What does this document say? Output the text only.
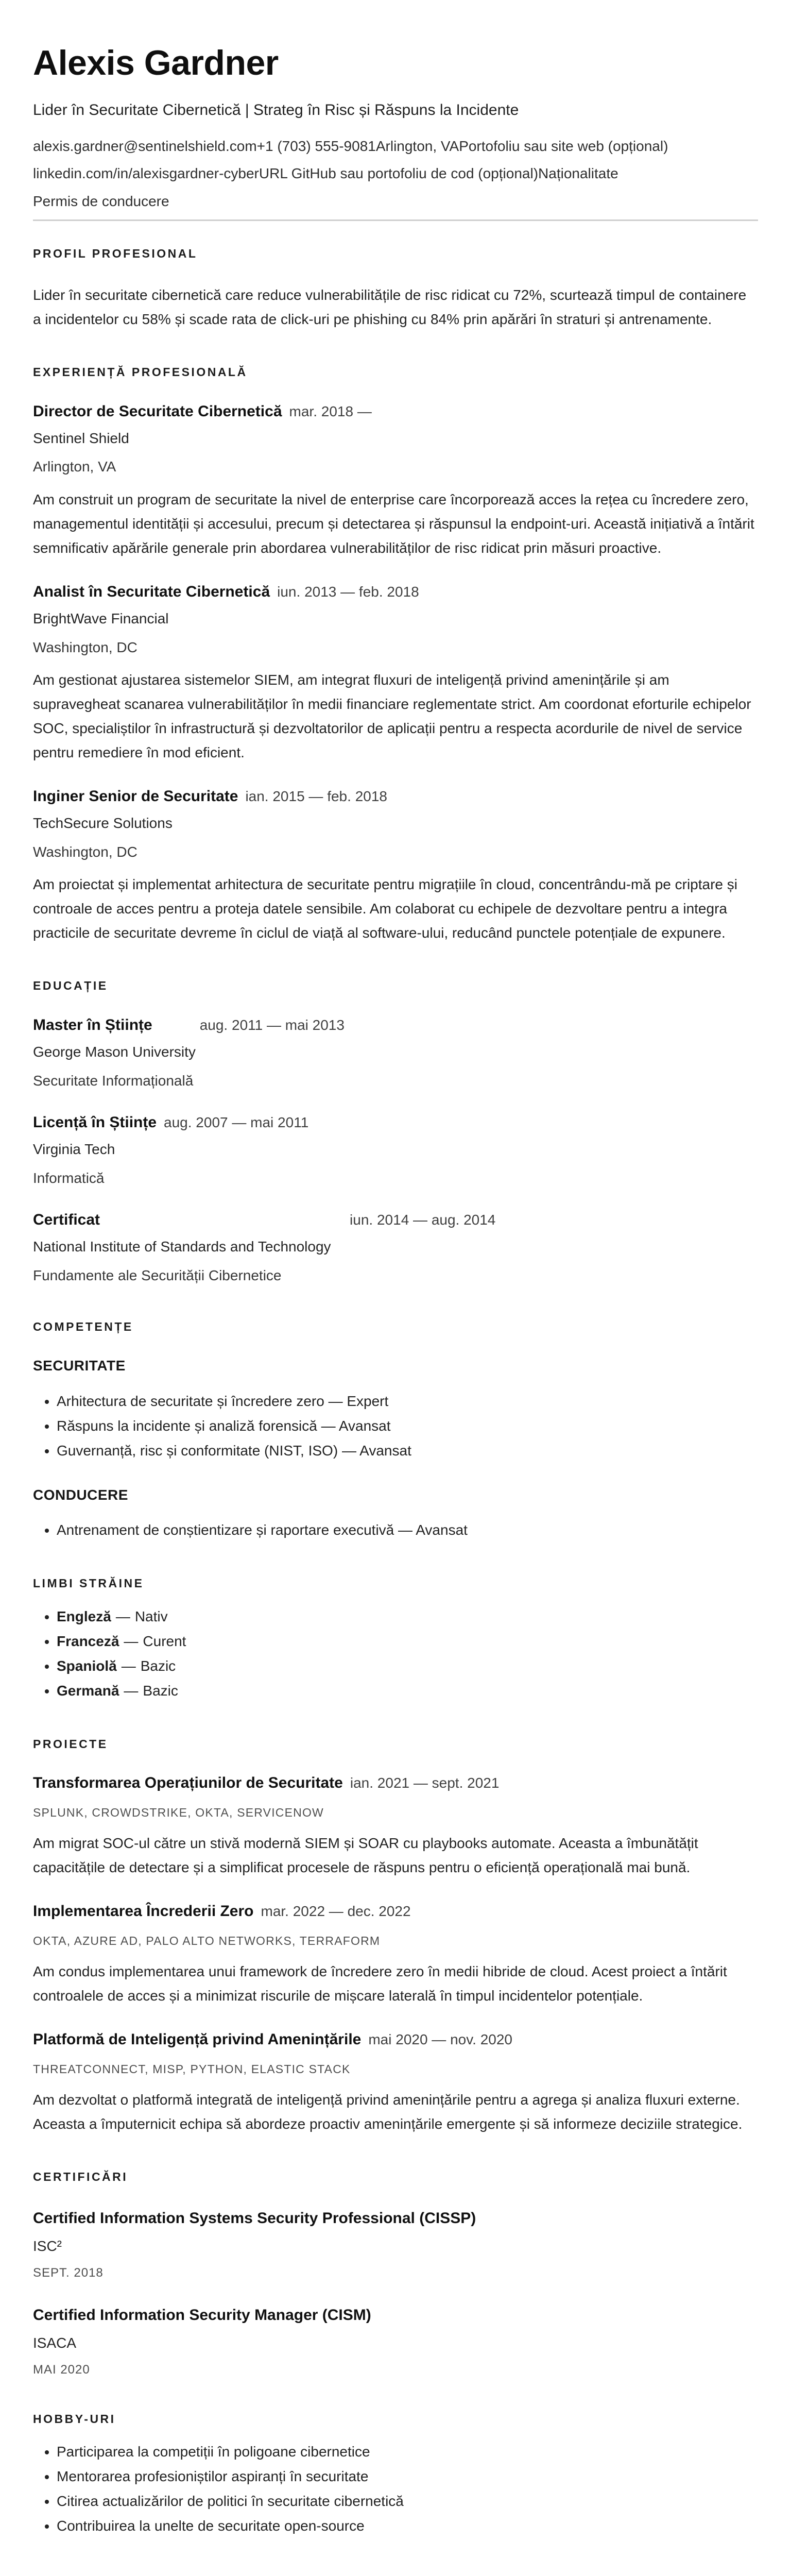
Alexis Gardner
Lider în Securitate Cibernetică | Strateg în Risc și Răspuns la Incidente
alexis.gardner@sentinelshield.com+1 (703) 555-9081Arlington, VAPortofoliu sau site web (opțional)
linkedin.com/in/alexisgardner-cyberURL GitHub sau portofoliu de cod (opțional)Naționalitate
Permis de conducere
PROFIL PROFESIONAL
Lider în securitate cibernetică care reduce vulnerabilitățile de risc ridicat cu 72%, scurtează timpul de containere a incidentelor cu 58% și scade rata de click-uri pe phishing cu 84% prin apărări în straturi și antrenamente.
EXPERIENȚĂ PROFESIONALĂ
Director de Securitate Cibernetică mar. 2018 —
Sentinel Shield
Arlington, VA
Am construit un program de securitate la nivel de enterprise care încorporează acces la rețea cu încredere zero, managementul identității și accesului, precum și detectarea și răspunsul la endpoint-uri. Această inițiativă a întărit semnificativ apărările generale prin abordarea vulnerabilităților de risc ridicat prin măsuri proactive.
Analist în Securitate Cibernetică iun. 2013 — feb. 2018
BrightWave Financial
Washington, DC
Am gestionat ajustarea sistemelor SIEM, am integrat fluxuri de inteligență privind amenințările și am supravegheat scanarea vulnerabilităților în medii financiare reglementate strict. Am coordonat eforturile echipelor SOC, specialiștilor în infrastructură și dezvoltatorilor de aplicații pentru a respecta acordurile de nivel de service pentru remediere în mod eficient.
Inginer Senior de Securitate ian. 2015 — feb. 2018
TechSecure Solutions
Washington, DC
Am proiectat și implementat arhitectura de securitate pentru migrațiile în cloud, concentrându-mă pe criptare și controale de acces pentru a proteja datele sensibile. Am colaborat cu echipele de dezvoltare pentru a integra practicile de securitate devreme în ciclul de viață al software-ului, reducând punctele potențiale de expunere.
EDUCAȚIE
Master în Științe	aug. 2011 — mai 2013
George Mason University
Securitate Informațională
Licență în Științe aug. 2007 — mai 2011
Virginia Tech
Informatică
Certificat	iun. 2014 — aug. 2014
National Institute of Standards and Technology
Fundamente ale Securității Cibernetice
COMPETENȚE
SECURITATE
• Arhitectura de securitate și încredere zero — Expert
• Răspuns la incidente și analiză forensică — Avansat
• Guvernanță, risc și conformitate (NIST, ISO) — Avansat
CONDUCERE
• Antrenament de conștientizare și raportare executivă — Avansat
LIMBI STRĂINE
• Engleză — Nativ
• Franceză — Curent
• Spaniolă — Bazic
• Germană — Bazic
PROIECTE
Transformarea Operațiunilor de Securitate ian. 2021 — sept. 2021
SPLUNK, CROWDSTRIKE, OKTA, SERVICENOW
Am migrat SOC-ul către un stivă modernă SIEM și SOAR cu playbooks automate. Aceasta a îmbunătățit capacitățile de detectare și a simplificat procesele de răspuns pentru o eficiență operațională mai bună.
Implementarea Încrederii Zero mar. 2022 — dec. 2022
OKTA, AZURE AD, PALO ALTO NETWORKS, TERRAFORM
Am condus implementarea unui framework de încredere zero în medii hibride de cloud. Acest proiect a întărit controalele de acces și a minimizat riscurile de mișcare laterală în timpul incidentelor potențiale.
Platformă de Inteligență privind Amenințările mai 2020 — nov. 2020
THREATCONNECT, MISP, PYTHON, ELASTIC STACK
Am dezvoltat o platformă integrată de inteligență privind amenințările pentru a agrega și analiza fluxuri externe. Aceasta a împuternicit echipa să abordeze proactiv amenințările emergente și să informeze deciziile strategice.
CERTIFICĂRI
Certified Information Systems Security Professional (CISSP)
ISC²
SEPT. 2018
Certified Information Security Manager (CISM)
ISACA
MAI 2020
HOBBY-URI
• Participarea la competiții în poligoane cibernetice
• Mentorarea profesioniștilor aspiranți în securitate
• Citirea actualizărilor de politici în securitate cibernetică
• Contribuirea la unelte de securitate open-source
